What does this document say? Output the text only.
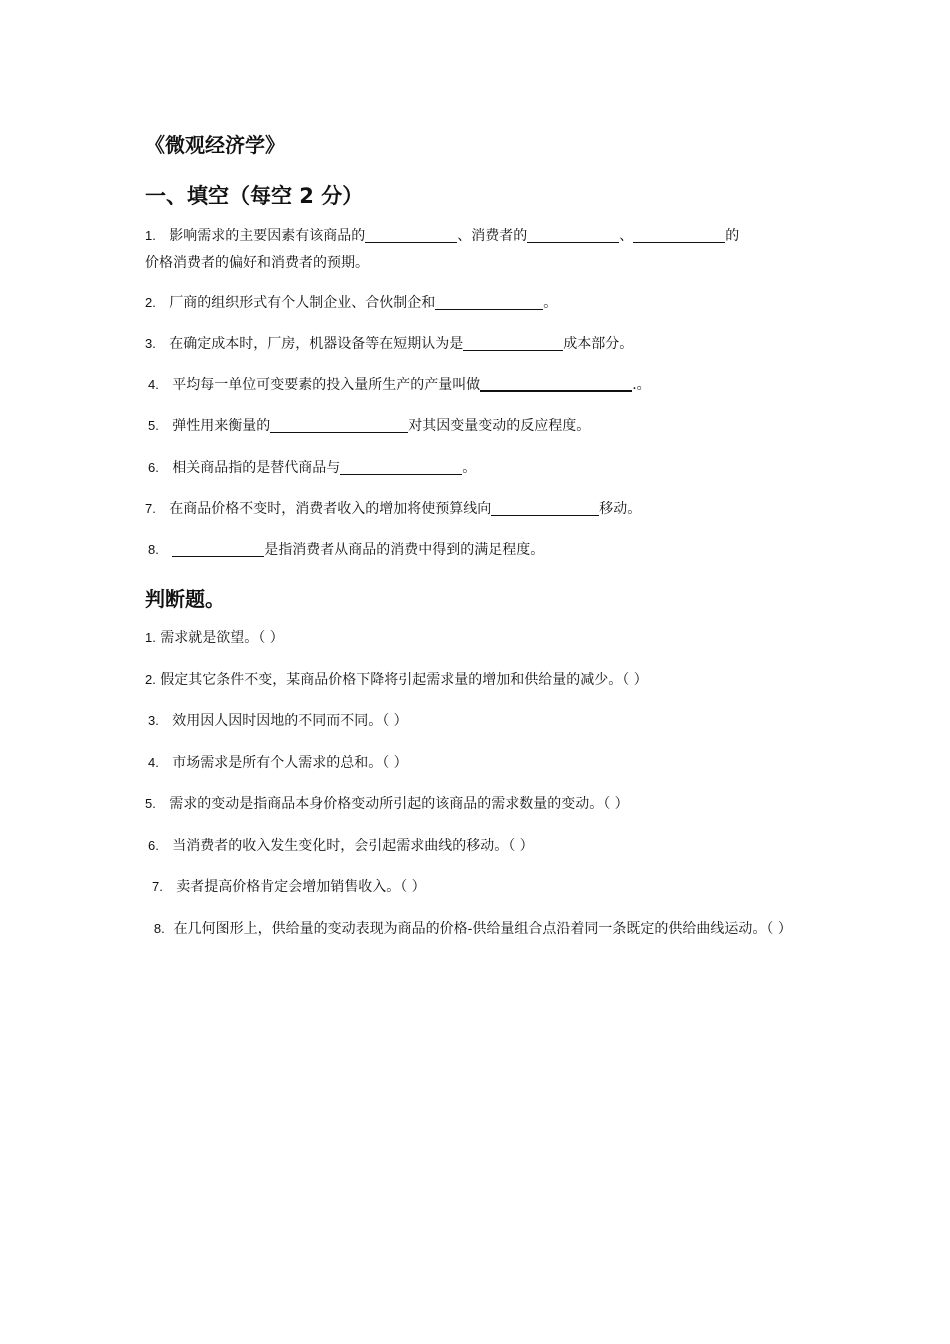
《微观经济学》
一、填空（每空 2 分）
1. 影响需求的主要因素有该商品的	、消费者的	、	的
价格消费者的偏好和消费者的预期。
2. 厂商的组织形式有个人制企业、合伙制企和	。
3. 在确定成本时，厂房，机器设备等在短期认为是	成本部分。
4. 平均每一单位可变要素的投入量所生产的产量叫做	.。
5. 弹性用来衡量的	对其因变量变动的反应程度。
6. 相关商品指的是替代商品与	。
7. 在商品价格不变时，消费者收入的增加将使预算线向	移动。
8.	是指消费者从商品的消费中得到的满足程度。
判断题。
1. 需求就是欲望。（ ）
2. 假定其它条件不变，某商品价格下降将引起需求量的增加和供给量的减少。（ ）
3. 效用因人因时因地的不同而不同。（ ）
4. 市场需求是所有个人需求的总和。（ ）
5. 需求的变动是指商品本身价格变动所引起的该商品的需求数量的变动。（ ）
6. 当消费者的收入发生变化时，会引起需求曲线的移动。（ ）
7. 卖者提高价格肯定会增加销售收入。（ ）
8. 在几何图形上，供给量的变动表现为商品的价格-供给量组合点沿着同一条既定的供给曲线运动。（ ）
